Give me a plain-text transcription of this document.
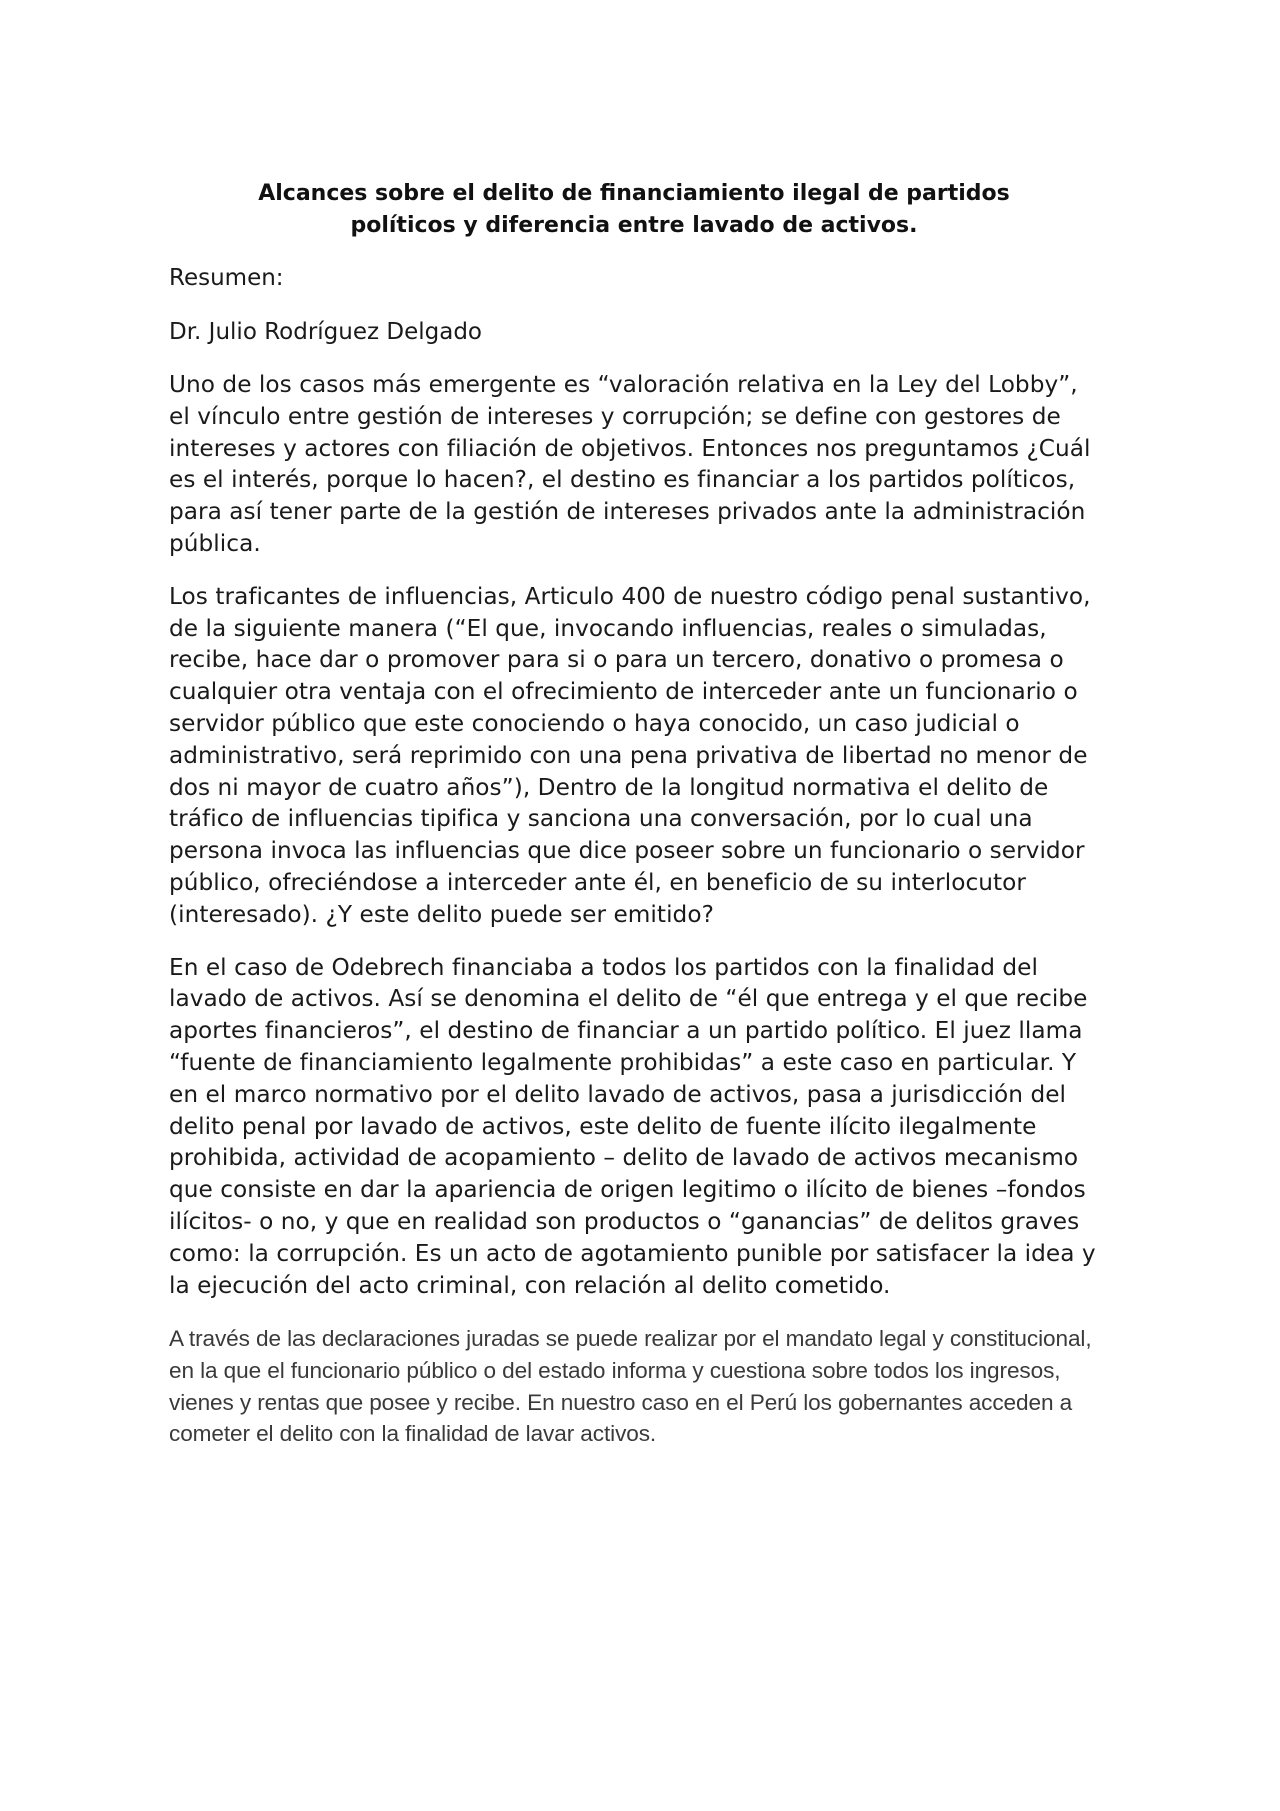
Alcances sobre el delito de financiamiento ilegal de partidos
políticos y diferencia entre lavado de activos.

Resumen:

Dr. Julio Rodríguez Delgado

Uno de los casos más emergente es “valoración relativa en la Ley del Lobby”, el vínculo entre gestión de intereses y corrupción; se define con gestores de intereses y actores con filiación de objetivos. Entonces nos preguntamos ¿Cuál es el interés, porque lo hacen?, el destino es financiar a los partidos políticos, para así tener parte de la gestión de intereses privados ante la administración pública.

Los traficantes de influencias, Articulo 400 de nuestro código penal sustantivo, de la siguiente manera (“El que, invocando influencias, reales o simuladas, recibe, hace dar o promover para si o para un tercero, donativo o promesa o cualquier otra ventaja con el ofrecimiento de interceder ante un funcionario o servidor público que este conociendo o haya conocido, un caso judicial o administrativo, será reprimido con una pena privativa de libertad no menor de dos ni mayor de cuatro años”), Dentro de la longitud normativa el delito de tráfico de influencias tipifica y sanciona una conversación, por lo cual una persona invoca las influencias que dice poseer sobre un funcionario o servidor público, ofreciéndose a interceder ante él, en beneficio de su interlocutor (interesado). ¿Y este delito puede ser emitido?

En el caso de Odebrech financiaba a todos los partidos con la finalidad del lavado de activos. Así se denomina el delito de “él que entrega y el que recibe aportes financieros”, el destino de financiar a un partido político. El juez llama “fuente de financiamiento legalmente prohibidas” a este caso en particular. Y en el marco normativo por el delito lavado de activos, pasa a jurisdicción del delito penal por lavado de activos, este delito de fuente ilícito ilegalmente prohibida, actividad de acopamiento – delito de lavado de activos mecanismo que consiste en dar la apariencia de origen legitimo o ilícito de bienes –fondos ilícitos- o no, y que en realidad son productos o “ganancias” de delitos graves como: la corrupción. Es un acto de agotamiento punible por satisfacer la idea y la ejecución del acto criminal, con relación al delito cometido.

A través de las declaraciones juradas se puede realizar por el mandato legal y constitucional, en la que el funcionario público o del estado informa y cuestiona sobre todos los ingresos, vienes y rentas que posee y recibe. En nuestro caso en el Perú los gobernantes acceden a cometer el delito con la finalidad de lavar activos.
